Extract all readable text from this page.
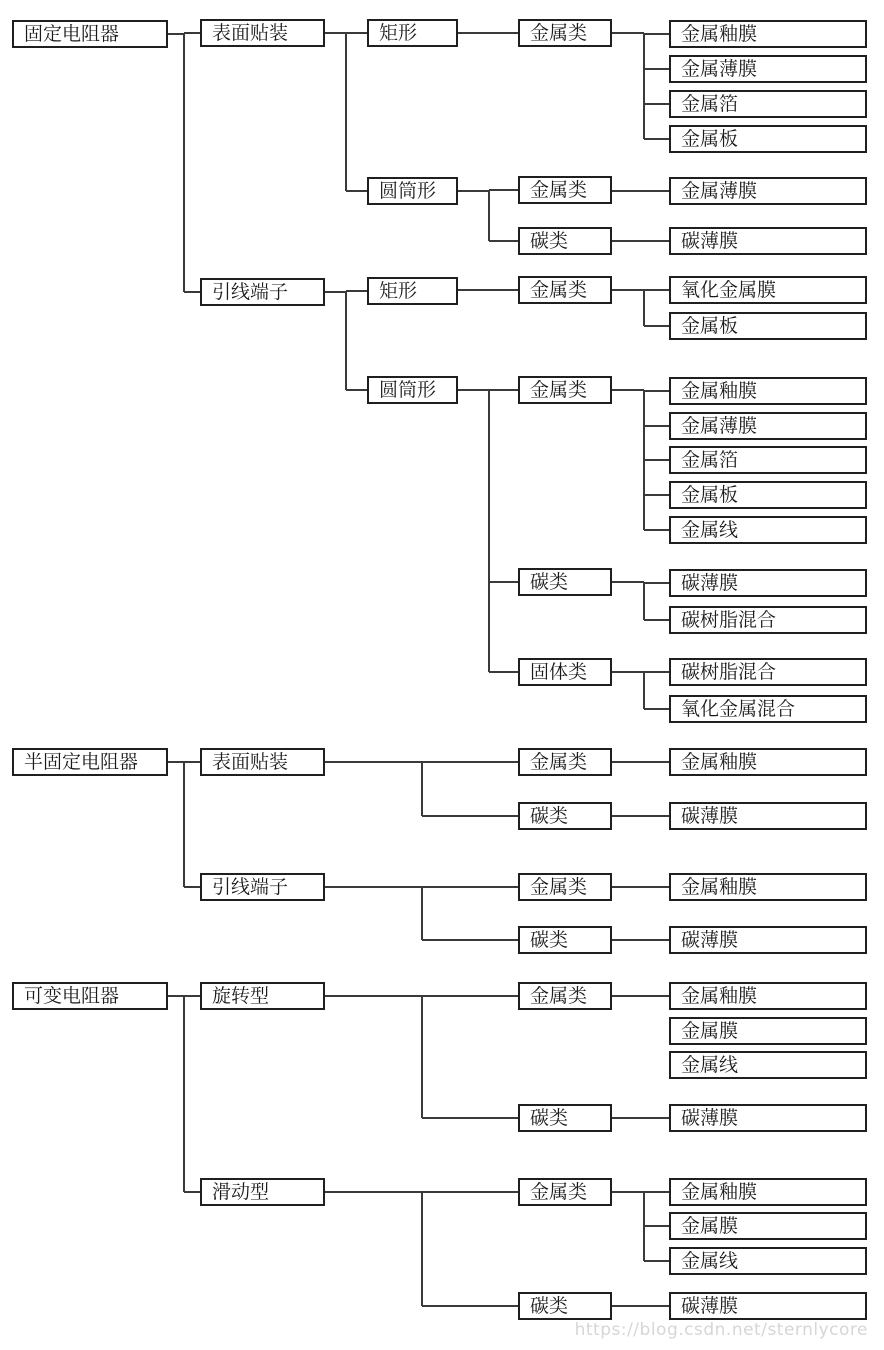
https://blog.csdn.net/sternlycore
固定电阻器
半固定电阻器
可变电阻器
表面贴装
引线端子
表面贴装
引线端子
旋转型
滑动型
矩形
圆筒形
矩形
圆筒形
金属类
金属类
碳类
金属类
金属类
碳类
固体类
金属类
碳类
金属类
碳类
金属类
碳类
金属类
碳类
金属釉膜
金属薄膜
金属箔
金属板
金属薄膜
碳薄膜
氧化金属膜
金属板
金属釉膜
金属薄膜
金属箔
金属板
金属线
碳薄膜
碳树脂混合
碳树脂混合
氧化金属混合
金属釉膜
碳薄膜
金属釉膜
碳薄膜
金属釉膜
金属膜
金属线
碳薄膜
金属釉膜
金属膜
金属线
碳薄膜
